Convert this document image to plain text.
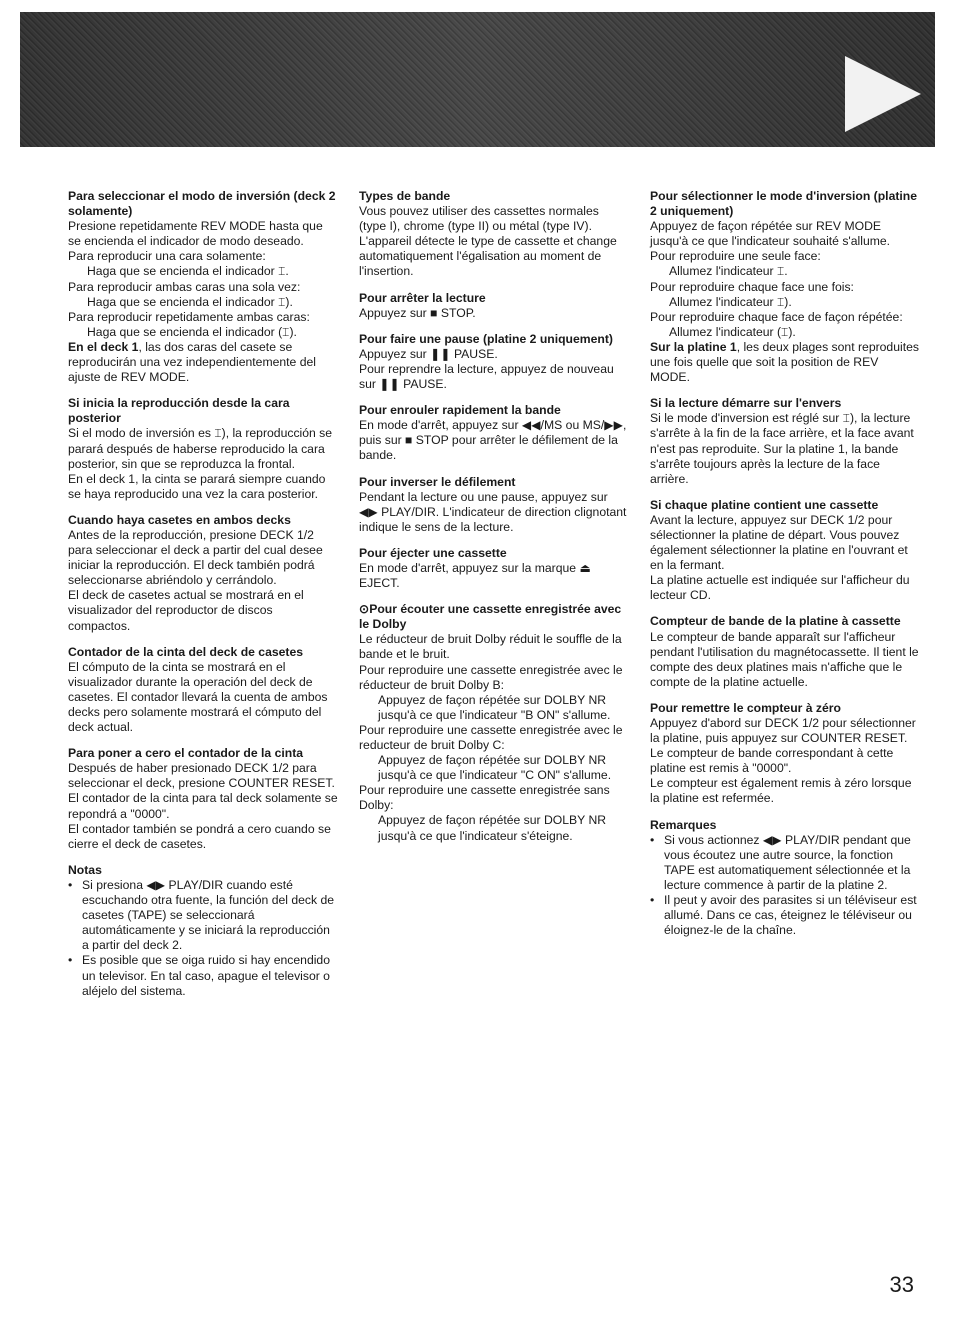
Para seleccionar el modo de inversión (deck 2 solamente)

Presione repetidamente REV MODE hasta que se encienda el indicador de modo deseado.

Para reproducir una cara solamente:

Haga que se encienda el indicador ⌶.

Para reproducir ambas caras una sola vez:

Haga que se encienda el indicador ⌶).

Para reproducir repetidamente ambas caras:

Haga que se encienda el indicador (⌶).

En el deck 1, las dos caras del casete se reproducirán una vez independientemente del ajuste de REV MODE.

Si inicia la reproducción desde la cara posterior

Si el modo de inversión es ⌶), la reproducción se parará después de haberse reproducido la cara posterior, sin que se reproduzca la frontal.

En el deck 1, la cinta se parará siempre cuando se haya reproducido una vez la cara posterior.

Cuando haya casetes en ambos decks

Antes de la reproducción, presione DECK 1/2 para seleccionar el deck a partir del cual desee iniciar la reproducción. El deck también podrá seleccionarse abriéndolo y cerrándolo.

El deck de casetes actual se mostrará en el visualizador del reproductor de discos compactos.

Contador de la cinta del deck de casetes

El cómputo de la cinta se mostrará en el visualizador durante la operación del deck de casetes. El contador llevará la cuenta de ambos decks pero solamente mostrará el cómputo del deck actual.

Para poner a cero el contador de la cinta

Después de haber presionado DECK 1/2 para seleccionar el deck, presione COUNTER RESET. El contador de la cinta para tal deck solamente se repondrá a "0000".

El contador también se pondrá a cero cuando se cierre el deck de casetes.

Notas
• Si presiona ◀▶ PLAY/DIR cuando esté escuchando otra fuente, la función del deck de casetes (TAPE) se seleccionará automáticamente y se iniciará la reproducción a partir del deck 2.
• Es posible que se oiga ruido si hay encendido un televisor. En tal caso, apague el televisor o aléjelo del sistema.
Types de bande

Vous pouvez utiliser des cassettes normales (type I), chrome (type II) ou métal (type IV).

L'appareil détecte le type de cassette et change automatiquement l'égalisation au moment de l'insertion.

Pour arrêter la lecture

Appuyez sur ■ STOP.

Pour faire une pause (platine 2 uniquement)

Appuyez sur ❚❚ PAUSE.

Pour reprendre la lecture, appuyez de nouveau sur ❚❚ PAUSE.

Pour enrouler rapidement la bande

En mode d'arrêt, appuyez sur ◀◀/MS ou MS/▶▶, puis sur ■ STOP pour arrêter le défilement de la bande.

Pour inverser le défilement

Pendant la lecture ou une pause, appuyez sur ◀▶ PLAY/DIR. L'indicateur de direction clignotant indique le sens de la lecture.

Pour éjecter une cassette

En mode d'arrêt, appuyez sur la marque ⏏ EJECT.

⊙Pour écouter une cassette enregistrée avec le Dolby

Le réducteur de bruit Dolby réduit le souffle de la bande et le bruit.

Pour reproduire une cassette enregistrée avec le réducteur de bruit Dolby B:

Appuyez de façon répétée sur DOLBY NR jusqu'à ce que l'indicateur "B ON" s'allume.

Pour reproduire une cassette enregistrée avec le reducteur de bruit Dolby C:

Appuyez de façon répétée sur DOLBY NR jusqu'à ce que l'indicateur "C ON" s'allume.

Pour reproduire une cassette enregistrée sans Dolby:

Appuyez de façon répétée sur DOLBY NR jusqu'à ce que l'indicateur s'éteigne.

Pour sélectionner le mode d'inversion (platine 2 uniquement)

Appuyez de façon répétée sur REV MODE jusqu'à ce que l'indicateur souhaité s'allume.

Pour reproduire une seule face:

Allumez l'indicateur ⌶.

Pour reproduire chaque face une fois:

Allumez l'indicateur ⌶).

Pour reproduire chaque face de façon répétée:

Allumez l'indicateur (⌶).

Sur la platine 1, les deux plages sont reproduites une fois quelle que soit la position de REV MODE.

Si la lecture démarre sur l'envers

Si le mode d'inversion est réglé sur ⌶), la lecture s'arrête à la fin de la face arrière, et la face avant n'est pas reproduite. Sur la platine 1, la bande s'arrête toujours après la lecture de la face arrière.

Si chaque platine contient une cassette

Avant la lecture, appuyez sur DECK 1/2 pour sélectionner la platine de départ. Vous pouvez également sélectionner la platine en l'ouvrant et en la fermant.

La platine actuelle est indiquée sur l'afficheur du lecteur CD.

Compteur de bande de la platine à cassette

Le compteur de bande apparaît sur l'afficheur pendant l'utilisation du magnétocassette. Il tient le compte des deux platines mais n'affiche que le compte de la platine actuelle.

Pour remettre le compteur à zéro

Appuyez d'abord sur DECK 1/2 pour sélectionner la platine, puis appuyez sur COUNTER RESET. Le compteur de bande correspondant à cette platine est remis à "0000".

Le compteur est également remis à zéro lorsque la platine est refermée.

Remarques
• Si vous actionnez ◀▶ PLAY/DIR pendant que vous écoutez une autre source, la fonction TAPE est automatiquement sélectionnée et la lecture commence à partir de la platine 2.
• Il peut y avoir des parasites si un téléviseur est allumé. Dans ce cas, éteignez le téléviseur ou éloignez-le de la chaîne.
33
